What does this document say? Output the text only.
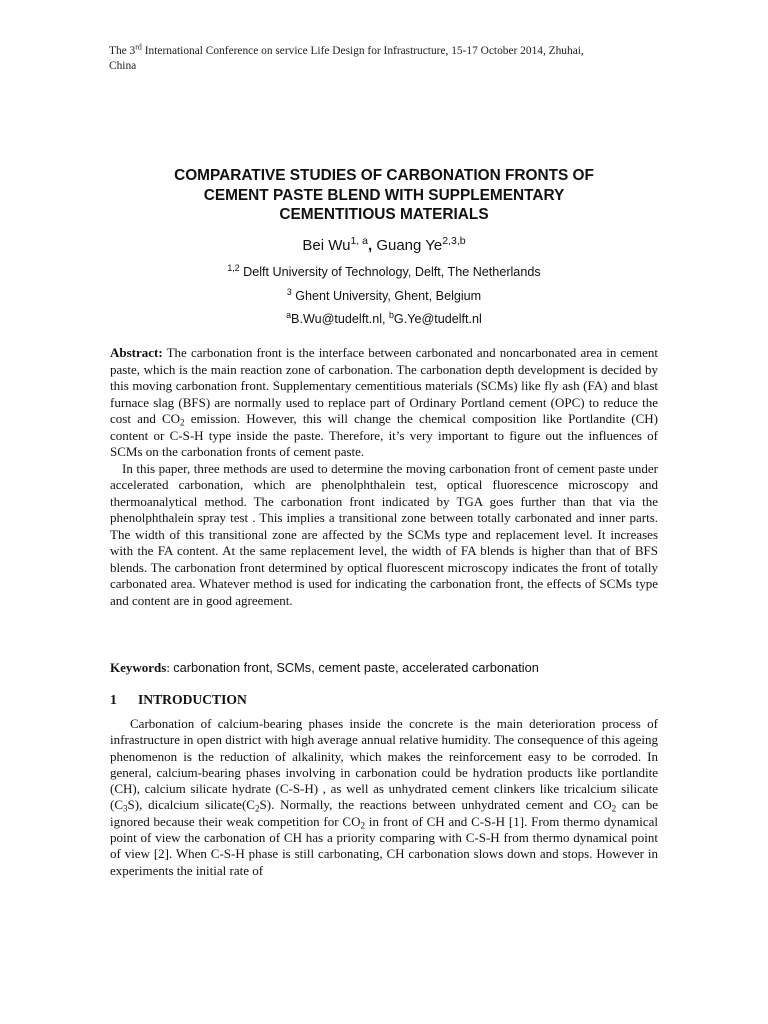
The 3rd International Conference on service Life Design for Infrastructure, 15-17 October 2014, Zhuhai,
China
COMPARATIVE STUDIES OF CARBONATION FRONTS OF
CEMENT PASTE BLEND WITH SUPPLEMENTARY
CEMENTITIOUS MATERIALS
Bei Wu$^{1, a}$, Guang Ye$^{2,3,b}$
$^{1,2}$ Delft University of Technology, Delft, The Netherlands
$^3$ Ghent University, Ghent, Belgium
$^a$B.Wu@tudelft.nl, $^b$G.Ye@tudelft.nl

Abstract: The carbonation front is the interface between carbonated and noncarbonated area in cement paste, which is the main reaction zone of carbonation. The carbonation depth development is decided by this moving carbonation front. Supplementary cementitious materials (SCMs) like fly ash (FA) and blast furnace slag (BFS) are normally used to replace part of Ordinary Portland cement (OPC) to reduce the cost and $CO_2$ emission. However, this will change the chemical composition like Portlandite (CH) content or C-S-H type inside the paste. Therefore, it’s very important to figure out the influences of SCMs on the carbonation fronts of cement paste.

In this paper, three methods are used to determine the moving carbonation front of cement paste under accelerated carbonation, which are phenolphthalein test, optical fluorescence microscopy and thermoanalytical method. The carbonation front indicated by TGA goes further than that via the phenolphthalein spray test . This implies a transitional zone between totally carbonated and inner parts. The width of this transitional zone are affected by the SCMs type and replacement level. It increases with the FA content. At the same replacement level, the width of FA blends is higher than that of BFS blends. The carbonation front determined by optical fluorescent microscopy indicates the front of totally carbonated area. Whatever method is used for indicating the carbonation front, the effects of SCMs type and content are in good agreement.

Keywords: carbonation front, SCMs, cement paste, accelerated carbonation
1 INTRODUCTION

Carbonation of calcium-bearing phases inside the concrete is the main deterioration process of infrastructure in open district with high average annual relative humidity. The consequence of this ageing phenomenon is the reduction of alkalinity, which makes the reinforcement easy to be corroded. In general, calcium-bearing phases involving in carbonation could be hydration products like portlandite (CH), calcium silicate hydrate (C-S-H) , as well as unhydrated cement clinkers like tricalcium silicate $(C_3S)$, dicalcium $silicate(C_2S)$. Normally, the reactions between unhydrated cement and $CO_2$ can be ignored because their weak competition for $CO_2$ in front of CH and C-S-H [1]. From thermo dynamical point of view the carbonation of CH has a priority comparing with C-S-H from thermo dynamical point of view [2]. When C-S-H phase is still carbonating, CH carbonation slows down and stops. However in experiments the initial rate of
